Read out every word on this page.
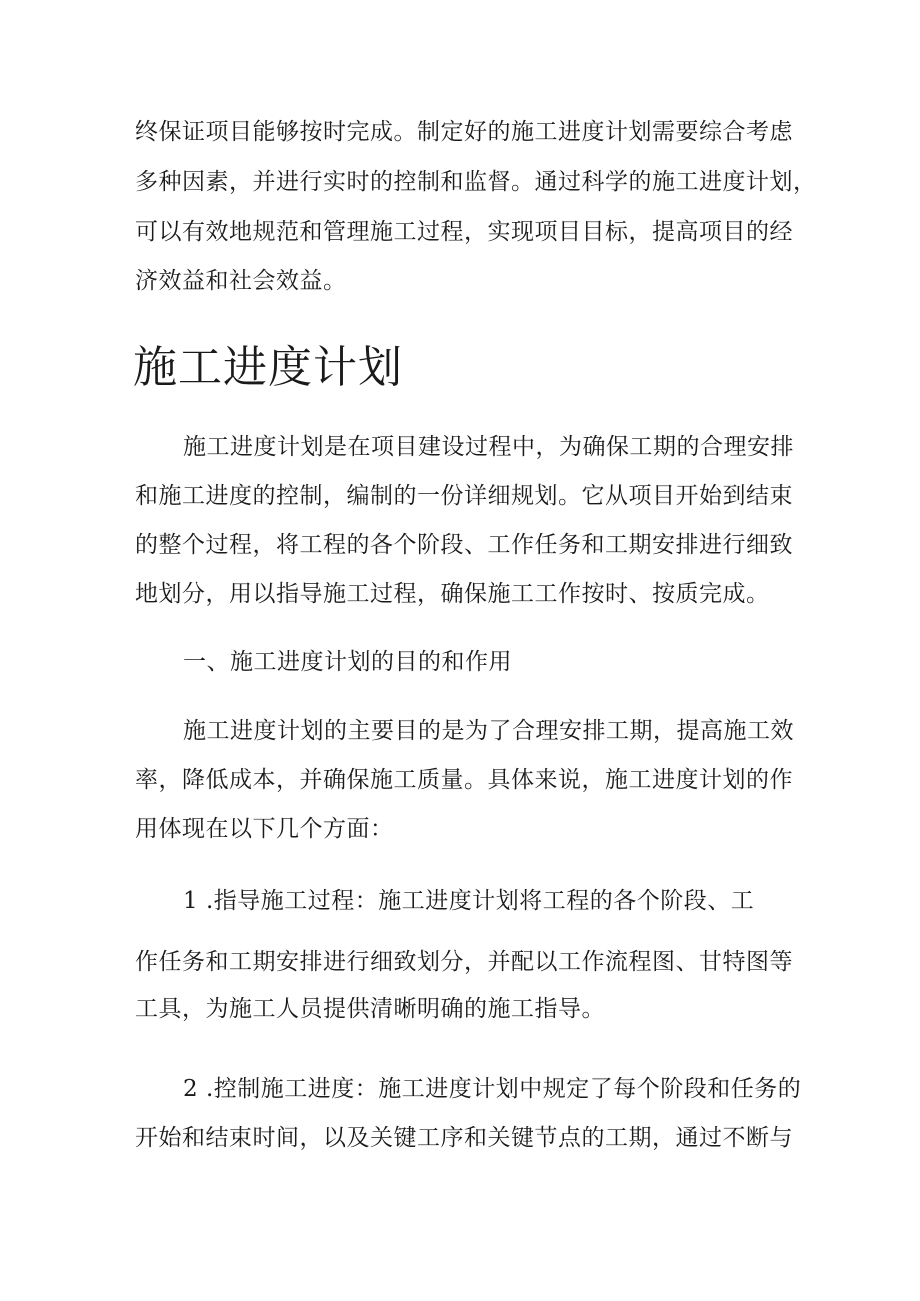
终保证项目能够按时完成。制定好的施工进度计划需要综合考虑

多种因素，并进行实时的控制和监督。通过科学的施工进度计划，

可以有效地规范和管理施工过程，实现项目目标，提高项目的经

济效益和社会效益。

施工进度计划

施工进度计划是在项目建设过程中，为确保工期的合理安排

和施工进度的控制，编制的一份详细规划。它从项目开始到结束

的整个过程，将工程的各个阶段、工作任务和工期安排进行细致

地划分，用以指导施工过程，确保施工工作按时、按质完成。

一、施工进度计划的目的和作用

施工进度计划的主要目的是为了合理安排工期，提高施工效

率，降低成本，并确保施工质量。具体来说，施工进度计划的作

用体现在以下几个方面：

1 .指导施工过程：施工进度计划将工程的各个阶段、工

作任务和工期安排进行细致划分，并配以工作流程图、甘特图等

工具，为施工人员提供清晰明确的施工指导。

2 .控制施工进度：施工进度计划中规定了每个阶段和任务的

开始和结束时间，以及关键工序和关键节点的工期，通过不断与
